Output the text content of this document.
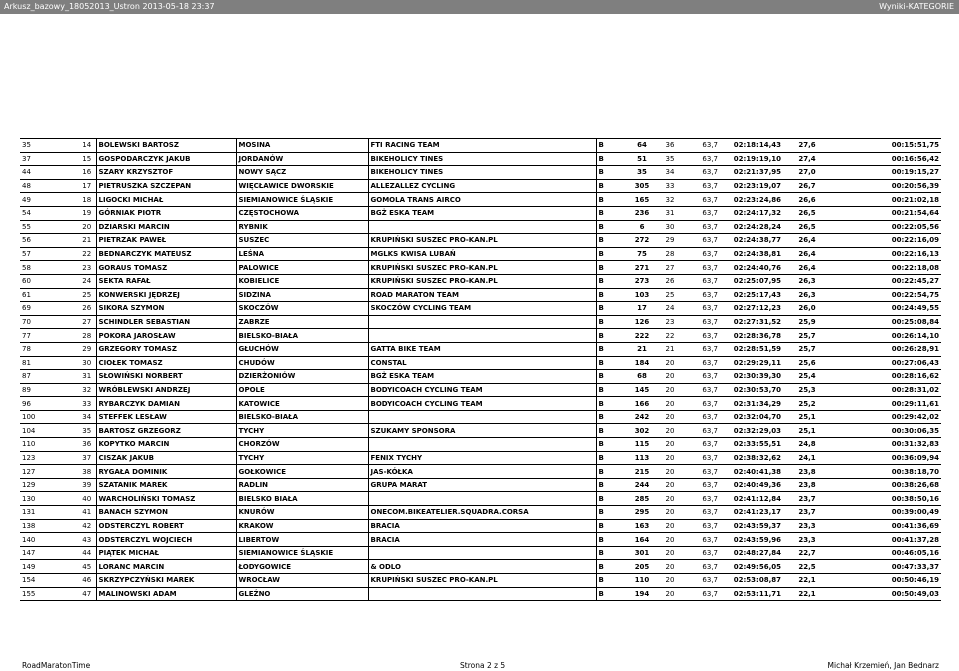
Arkusz_bazowy_18052013_Ustron 2013-05-18 23:37	Wyniki-KATEGORIE
35	14	BOLEWSKI BARTOSZ	MOSINA	FTI RACING TEAM	B	64	36	63,7	02:18:14,43	27,6	00:15:51,75
37	15	GOSPODARCZYK JAKUB	JORDANÓW	BIKEHOLICY TINES	B	51	35	63,7	02:19:19,10	27,4	00:16:56,42
44	16	SZARY KRZYSZTOF	NOWY SĄCZ	BIKEHOLICY TINES	B	35	34	63,7	02:21:37,95	27,0	00:19:15,27
48	17	PIETRUSZKA SZCZEPAN	WIĘCŁAWICE DWORSKIE	ALLEZALLEZ CYCLING	B	305	33	63,7	02:23:19,07	26,7	00:20:56,39
49	18	LIGOCKI MICHAŁ	SIEMIANOWICE ŚLĄSKIE	GOMOLA TRANS AIRCO	B	165	32	63,7	02:23:24,86	26,6	00:21:02,18
54	19	GÓRNIAK PIOTR	CZĘSTOCHOWA	BGŻ ESKA TEAM	B	236	31	63,7	02:24:17,32	26,5	00:21:54,64
55	20	DZIARSKI MARCIN	RYBNIK		B	6	30	63,7	02:24:28,24	26,5	00:22:05,56
56	21	PIETRZAK PAWEŁ	SUSZEC	KRUPIŃSKI SUSZEC PRO-KAN.PL	B	272	29	63,7	02:24:38,77	26,4	00:22:16,09
57	22	BEDNARCZYK MATEUSZ	LEŚNA	MGLKS KWISA LUBAŃ	B	75	28	63,7	02:24:38,81	26,4	00:22:16,13
58	23	GORAUS TOMASZ	PALOWICE	KRUPIŃSKI SUSZEC PRO-KAN.PL	B	271	27	63,7	02:24:40,76	26,4	00:22:18,08
60	24	SEKTA RAFAŁ	KOBIELICE	KRUPIŃSKI SUSZEC PRO-KAN.PL	B	273	26	63,7	02:25:07,95	26,3	00:22:45,27
61	25	KONWERSKI JĘDRZEJ	SIDZINA	ROAD MARATON TEAM	B	103	25	63,7	02:25:17,43	26,3	00:22:54,75
69	26	SIKORA SZYMON	SKOCZÓW	SKOCZÓW CYCLING TEAM	B	17	24	63,7	02:27:12,23	26,0	00:24:49,55
70	27	SCHINDLER SEBASTIAN	ZABRZE		B	126	23	63,7	02:27:31,52	25,9	00:25:08,84
77	28	POKORA JAROSŁAW	BIELSKO-BIAŁA		B	222	22	63,7	02:28:36,78	25,7	00:26:14,10
78	29	GRZEGORY TOMASZ	GŁUCHÓW	GATTA BIKE TEAM	B	21	21	63,7	02:28:51,59	25,7	00:26:28,91
81	30	CIOŁEK TOMASZ	CHUDÓW	CONSTAL	B	184	20	63,7	02:29:29,11	25,6	00:27:06,43
87	31	SŁOWIŃSKI NORBERT	DZIERŻONIÓW	BGŻ ESKA TEAM	B	68	20	63,7	02:30:39,30	25,4	00:28:16,62
89	32	WRÓBLEWSKI ANDRZEJ	OPOLE	BODYICOACH CYCLING TEAM	B	145	20	63,7	02:30:53,70	25,3	00:28:31,02
96	33	RYBARCZYK DAMIAN	KATOWICE	BODYICOACH CYCLING TEAM	B	166	20	63,7	02:31:34,29	25,2	00:29:11,61
100	34	STEFFEK LESŁAW	BIELSKO-BIAŁA		B	242	20	63,7	02:32:04,70	25,1	00:29:42,02
104	35	BARTOSZ GRZEGORZ	TYCHY	SZUKAMY SPONSORA	B	302	20	63,7	02:32:29,03	25,1	00:30:06,35
110	36	KOPYTKO MARCIN	CHORZÓW		B	115	20	63,7	02:33:55,51	24,8	00:31:32,83
123	37	CISZAK JAKUB	TYCHY	FENIX TYCHY	B	113	20	63,7	02:38:32,62	24,1	00:36:09,94
127	38	RYGAŁA DOMINIK	GOŁKOWICE	JAS-KÓŁKA	B	215	20	63,7	02:40:41,38	23,8	00:38:18,70
129	39	SZATANIK MAREK	RADLIN	GRUPA MARAT	B	244	20	63,7	02:40:49,36	23,8	00:38:26,68
130	40	WARCHOLIŃSKI TOMASZ	BIELSKO BIAŁA		B	285	20	63,7	02:41:12,84	23,7	00:38:50,16
131	41	BANACH SZYMON	KNURÓW	ONECOM.BIKEATELIER.SQUADRA.CORSA	B	295	20	63,7	02:41:23,17	23,7	00:39:00,49
138	42	ODSTERCZYL ROBERT	KRAKOW	BRACIA	B	163	20	63,7	02:43:59,37	23,3	00:41:36,69
140	43	ODSTERCZYL WOJCIECH	LIBERTOW	BRACIA	B	164	20	63,7	02:43:59,96	23,3	00:41:37,28
147	44	PIĄTEK MICHAŁ	SIEMIANOWICE ŚLĄSKIE		B	301	20	63,7	02:48:27,84	22,7	00:46:05,16
149	45	LORANC MARCIN	ŁODYGOWICE	& ODLO	B	205	20	63,7	02:49:56,05	22,5	00:47:33,37
154	46	SKRZYPCZYŃSKI MAREK	WROCŁAW	KRUPIŃSKI SUSZEC PRO-KAN.PL	B	110	20	63,7	02:53:08,87	22,1	00:50:46,19
155	47	MALINOWSKI ADAM	GLEŹNO		B	194	20	63,7	02:53:11,71	22,1	00:50:49,03
RoadMaratonTime	Strona 2 z 5	Michał Krzemień, Jan Bednarz
